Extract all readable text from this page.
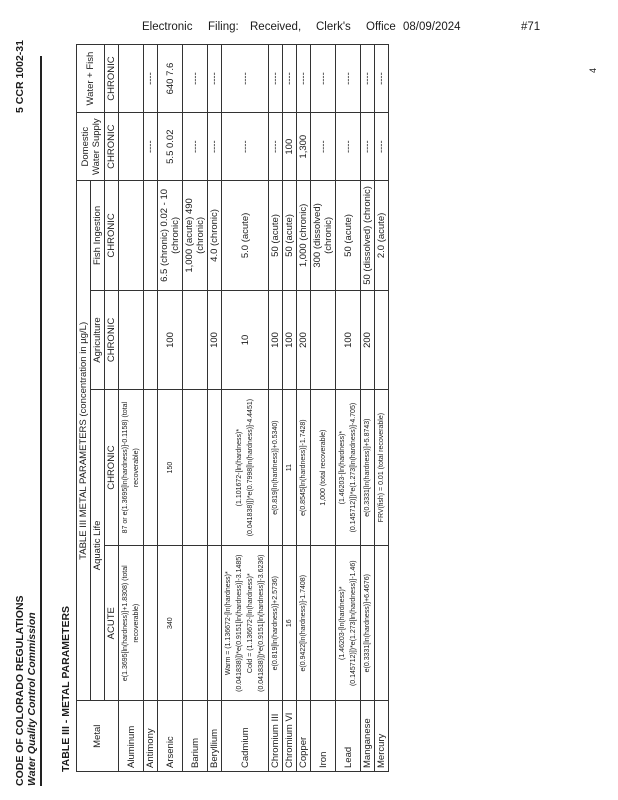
Electronic Filing: Received, Clerk's Office 08/09/2024	#71
4
CODE OF COLORADO REGULATIONS Water Quality Control Commission
5 CCR 1002-31
TABLE III - METAL PARAMETERS Metal	TABLE III METAL PARAMETERS (concentration in µg/L)				Domestic Water Supply	Water + Fish
	Aquatic Life		Agriculture	Fish Ingestion		
	ACUTE	CHRONIC	CHRONIC	CHRONIC	CHRONIC	CHRONIC
Aluminum	e(1.3695[ln(hardness)]+1.8308) (total recoverable)	87 or e(1.3695[ln(hardness)]-0.1158) (total recoverable)				
Antimony					----	----
Arsenic	340	150	100	6.5 (chronic) 0.02 - 10 (chronic)	5.5 0.02	640 7.6
Barium				1,000 (acute) 490 (chronic)	----	----
Beryllium			100	4.0 (chronic)	----	----
Cadmium	Warm = (1.136672-[ln(hardness)*(0.041838)])*e(0.9151[ln(hardness)]-3.1485) Cold = (1.136672-[ln(hardness)*(0.041838)])*e(0.9151[ln(hardness)]-3.6236)	(1.101672-[ln(hardness)*(0.041838)])*e(0.7998[ln(hardness)]-4.4451)	10	5.0 (acute)	----	----
Chromium III	e(0.819[ln(hardness)]+2.5736)	e(0.819[ln(hardness)]+0.5340)	100	50 (acute)	----	----
Chromium VI	16	11	100	50 (acute)	100	----
Copper	e(0.9422[ln(hardness)]-1.7408)	e(0.8545[ln(hardness)]-1.7428)	200	1,000 (chronic)	1,300	----
Iron		1,000 (total recoverable)		300 (dissolved) (chronic)	----	----
Lead	(1.46203-[ln(hardness)*(0.145712)])*e(1.273[ln(hardness)]-1.46)	(1.46203-[ln(hardness)*(0.145712)])*e(1.273[ln(hardness)]-4.705)	100	50 (acute)	----	----
Manganese	e(0.3331[ln(hardness)]+6.4676)	e(0.3331[ln(hardness)]+5.8743)	200	50 (dissolved) (chronic)	----	----
Mercury		FRV(fish) = 0.01 (total recoverable)		2.0 (acute)	----	----
